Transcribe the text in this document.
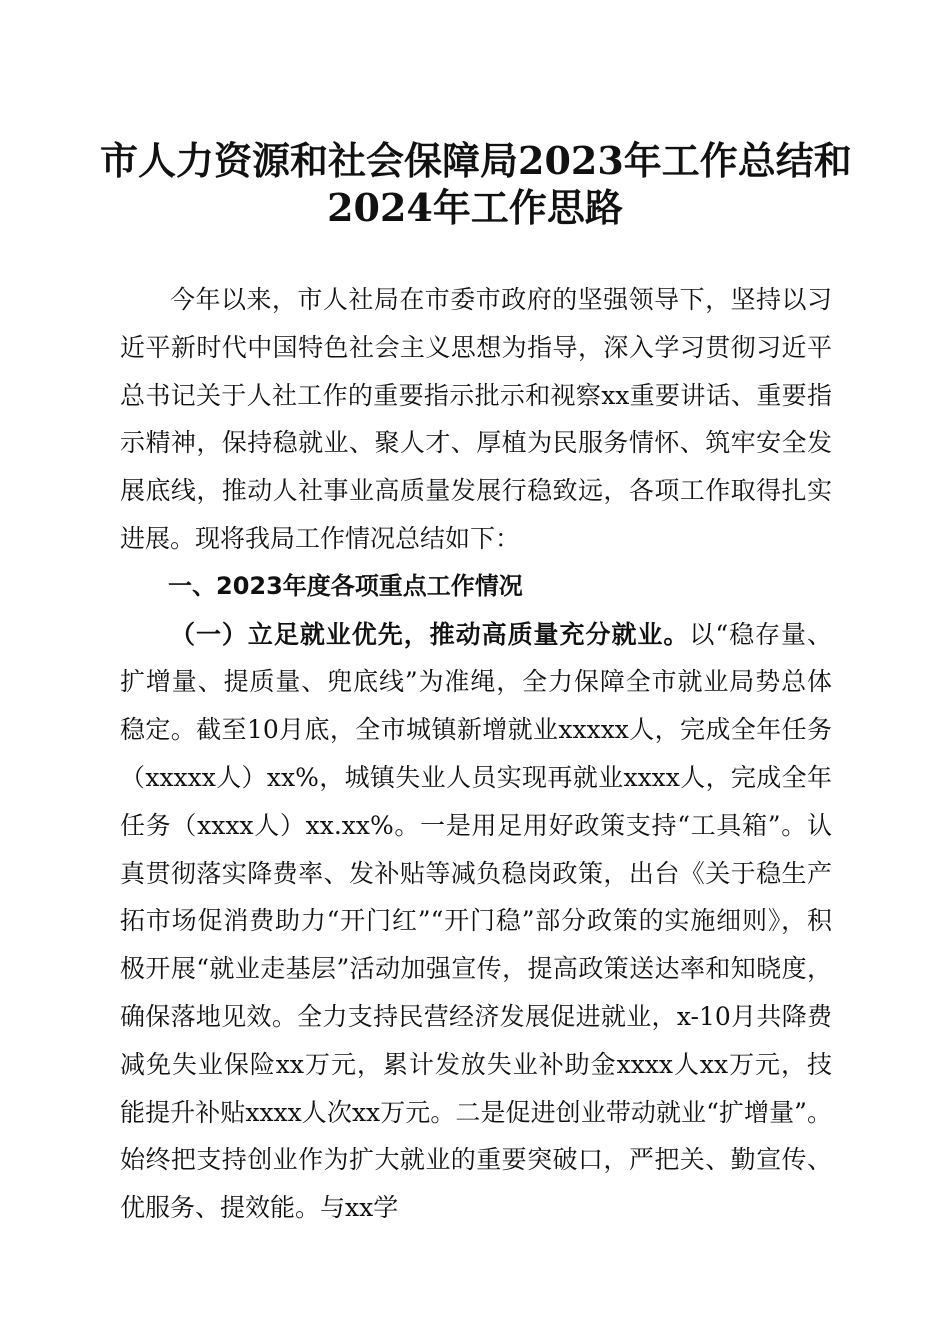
市人力资源和社会保障局2023年工作总结和
2024年工作思路

今年以来，市人社局在市委市政府的坚强领导下，坚持以习近平新时代中国特色社会主义思想为指导，深入学习贯彻习近平总书记关于人社工作的重要指示批示和视察xx重要讲话、重要指示精神，保持稳就业、聚人才、厚植为民服务情怀、筑牢安全发展底线，推动人社事业高质量发展行稳致远，各项工作取得扎实进展。现将我局工作情况总结如下：

一、2023年度各项重点工作情况

（一）立足就业优先，推动高质量充分就业。以“稳存量、扩增量、提质量、兜底线”为准绳，全力保障全市就业局势总体稳定。截至10月底，全市城镇新增就业xxxxx人，完成全年任务（xxxxx人）xx%，城镇失业人员实现再就业xxxx人，完成全年任务（xxxx人）xx.xx%。一是用足用好政策支持“工具箱”。认真贯彻落实降费率、发补贴等减负稳岗政策，出台《关于稳生产拓市场促消费助力“开门红”“开门稳”部分政策的实施细则》，积极开展“就业走基层”活动加强宣传，提高政策送达率和知晓度，确保落地见效。全力支持民营经济发展促进就业，x-10月共降费减免失业保险xx万元，累计发放失业补助金xxxx人xx万元，技能提升补贴xxxx人次xx万元。二是促进创业带动就业“扩增量”。始终把支持创业作为扩大就业的重要突破口，严把关、勤宣传、优服务、提效能。与xx学
